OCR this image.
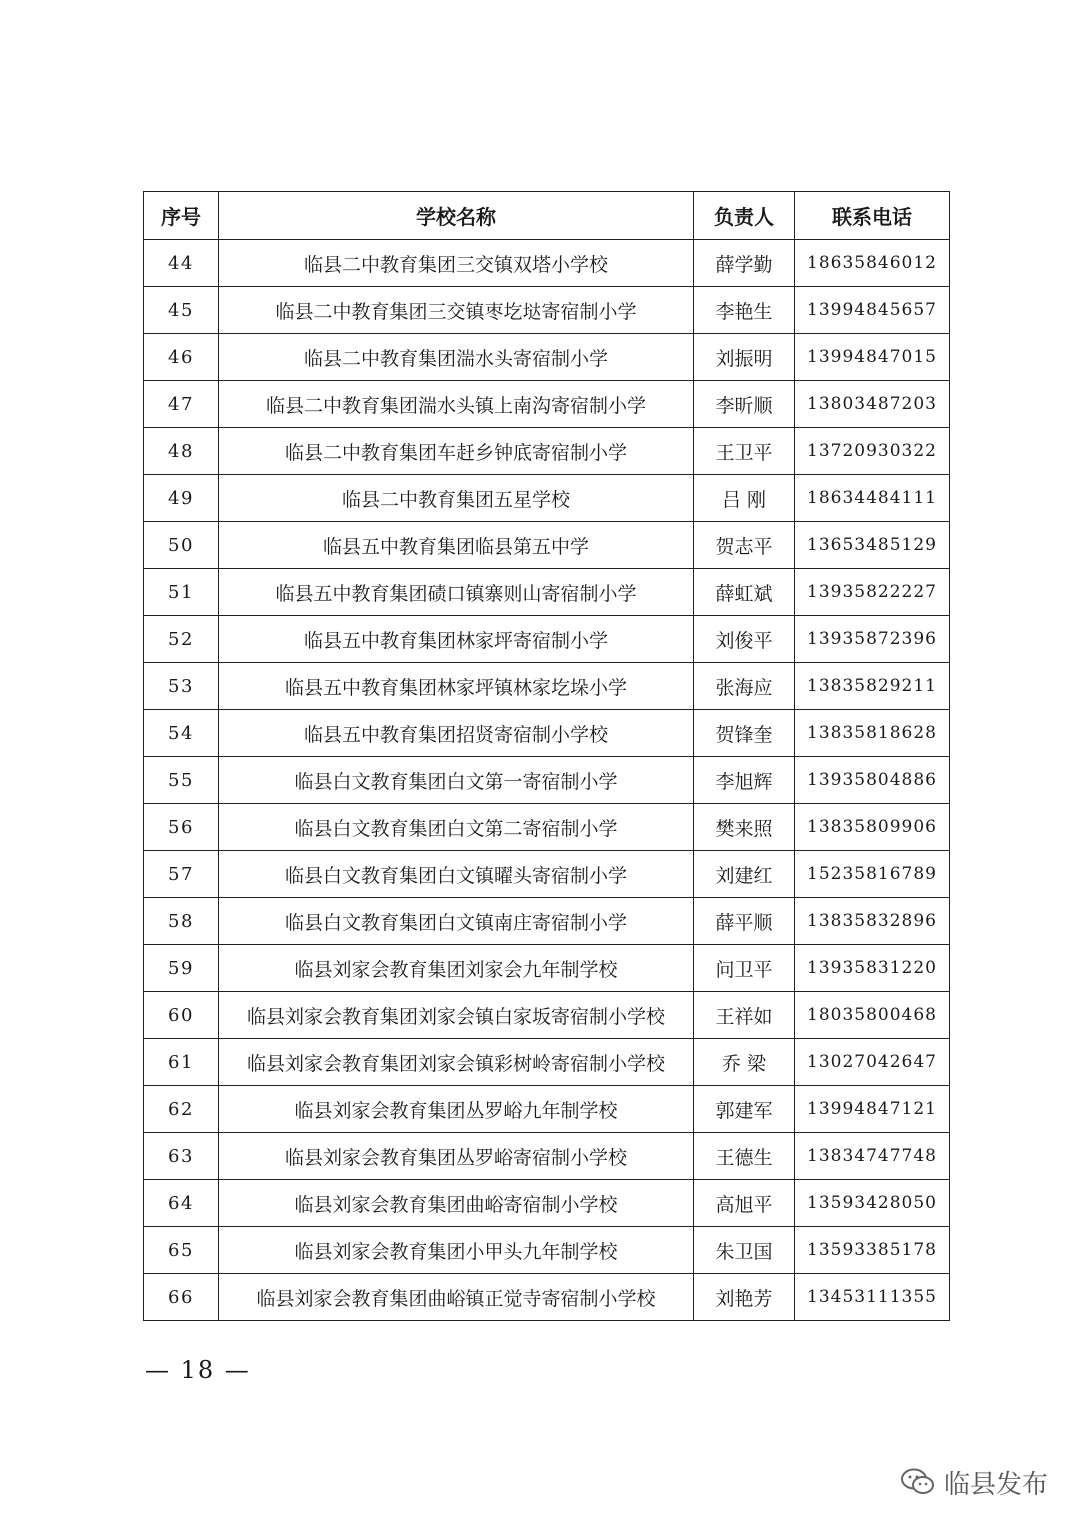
序号	学校名称	负责人	联系电话
44	临县二中教育集团三交镇双塔小学校	薛学勤	18635846012
45	临县二中教育集团三交镇枣圪垯寄宿制小学	李艳生	13994845657
46	临县二中教育集团湍水头寄宿制小学	刘振明	13994847015
47	临县二中教育集团湍水头镇上南沟寄宿制小学	李昕顺	13803487203
48	临县二中教育集团车赶乡钟底寄宿制小学	王卫平	13720930322
49	临县二中教育集团五星学校	吕 刚	18634484111
50	临县五中教育集团临县第五中学	贺志平	13653485129
51	临县五中教育集团碛口镇寨则山寄宿制小学	薛虹斌	13935822227
52	临县五中教育集团林家坪寄宿制小学	刘俊平	13935872396
53	临县五中教育集团林家坪镇林家圪垛小学	张海应	13835829211
54	临县五中教育集团招贤寄宿制小学校	贺锋奎	13835818628
55	临县白文教育集团白文第一寄宿制小学	李旭辉	13935804886
56	临县白文教育集团白文第二寄宿制小学	樊来照	13835809906
57	临县白文教育集团白文镇曜头寄宿制小学	刘建红	15235816789
58	临县白文教育集团白文镇南庄寄宿制小学	薛平顺	13835832896
59	临县刘家会教育集团刘家会九年制学校	问卫平	13935831220
60	临县刘家会教育集团刘家会镇白家坂寄宿制小学校	王祥如	18035800468
61	临县刘家会教育集团刘家会镇彩树岭寄宿制小学校	乔 梁	13027042647
62	临县刘家会教育集团丛罗峪九年制学校	郭建军	13994847121
63	临县刘家会教育集团丛罗峪寄宿制小学校	王德生	13834747748
64	临县刘家会教育集团曲峪寄宿制小学校	高旭平	13593428050
65	临县刘家会教育集团小甲头九年制学校	朱卫国	13593385178
66	临县刘家会教育集团曲峪镇正觉寺寄宿制小学校	刘艳芳	13453111355
— 18 —
临县发布
